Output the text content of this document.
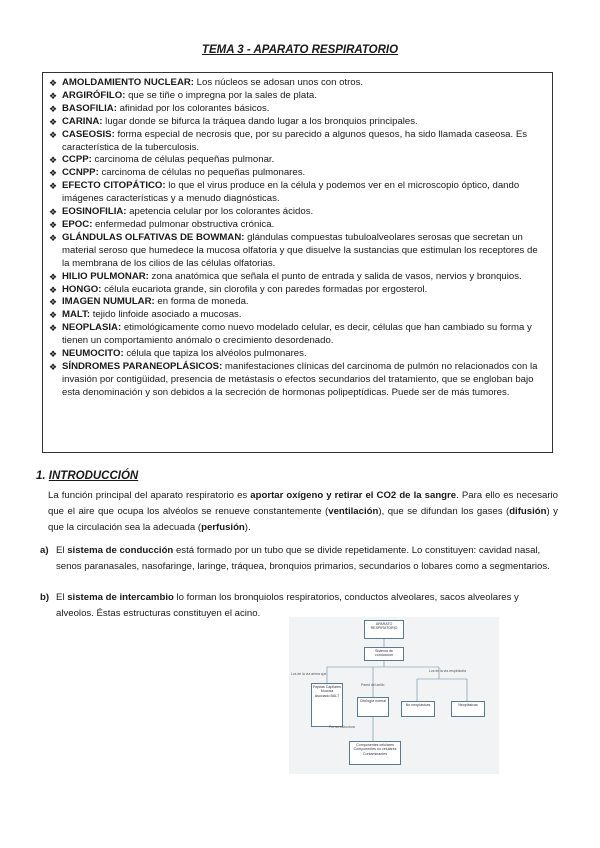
TEMA 3 - APARATO RESPIRATORIO
❖ AMOLDAMIENTO NUCLEAR: Los núcleos se adosan unos con otros.
❖ ARGIRÓFILO: que se tiñe o impregna por la sales de plata.
❖ BASOFILIA: afinidad por los colorantes básicos.
❖ CARINA: lugar donde se bifurca la tráquea dando lugar a los bronquios principales.
❖ CASEOSIS: forma especial de necrosis que, por su parecido a algunos quesos, ha sido llamada caseosa. Es característica de la tuberculosis.
❖ CCPP: carcinoma de células pequeñas pulmonar.
❖ CCNPP: carcinoma de células no pequeñas pulmonares.
❖ EFECTO CITOPÁTICO: lo que el virus produce en la célula y podemos ver en el microscopio óptico, dando imágenes características y a menudo diagnósticas.
❖ EOSINOFILIA: apetencia celular por los colorantes ácidos.
❖ EPOC: enfermedad pulmonar obstructiva crónica.
❖ GLÁNDULAS OLFATIVAS DE BOWMAN: glándulas compuestas tubuloalveolares serosas que secretan un material seroso que humedece la mucosa olfatoria y que disuelve la sustancias que estimulan los receptores de la membrana de los cilios de las células olfatorias.
❖ HILIO PULMONAR: zona anatómica que señala el punto de entrada y salida de vasos, nervios y bronquios.
❖ HONGO: célula eucariota grande, sin clorofila y con paredes formadas por ergosterol.
❖ IMAGEN NUMULAR: en forma de moneda.
❖ MALT: tejido linfoide asociado a mucosas.
❖ NEOPLASIA: etimológicamente como nuevo modelado celular, es decir, células que han cambiado su forma y tienen un comportamiento anómalo o crecimiento desordenado.
❖ NEUMOCITO: célula que tapiza los alvéolos pulmonares.
❖ SÍNDROMES PARANEOPLÁSICOS: manifestaciones clínicas del carcinoma de pulmón no relacionados con la invasión por contigüidad, presencia de metástasis o efectos secundarios del tratamiento, que se engloban bajo esta denominación y son debidos a la secreción de hormonas polipeptídicas. Puede ser de más tumores.
1. INTRODUCCIÓN
La función principal del aparato respiratorio es aportar oxígeno y retirar el CO2 de la sangre. Para ello es necesario que el aire que ocupa los alvéolos se renueve constantemente (ventilación), que se difundan los gases (difusión) y que la circulación sea la adecuada (perfusión).
a) El sistema de conducción está formado por un tubo que se divide repetidamente. Lo constituyen: cavidad nasal, senos paranasales, nasofaringe, laringe, tráquea, bronquios primarios, secundarios o lobares como a segmentarios.
b) El sistema de intercambio lo forman los bronquiolos respiratorios, conductos alveolares, sacos alveolares y alveolos. Éstas estructuras constituyen el acino.
APARATO RESPIRATORIO
Sistema de conducción
Los de la vía aérea que
Los de la vía respiratoria
Pared del anillo
Papilas Capilares Mucosa Asociado BALT
Citología normal
No neoplásicas	Neoplásicas
Por su estructura
Componentes celulares Componentes no celulares Contaminantes
